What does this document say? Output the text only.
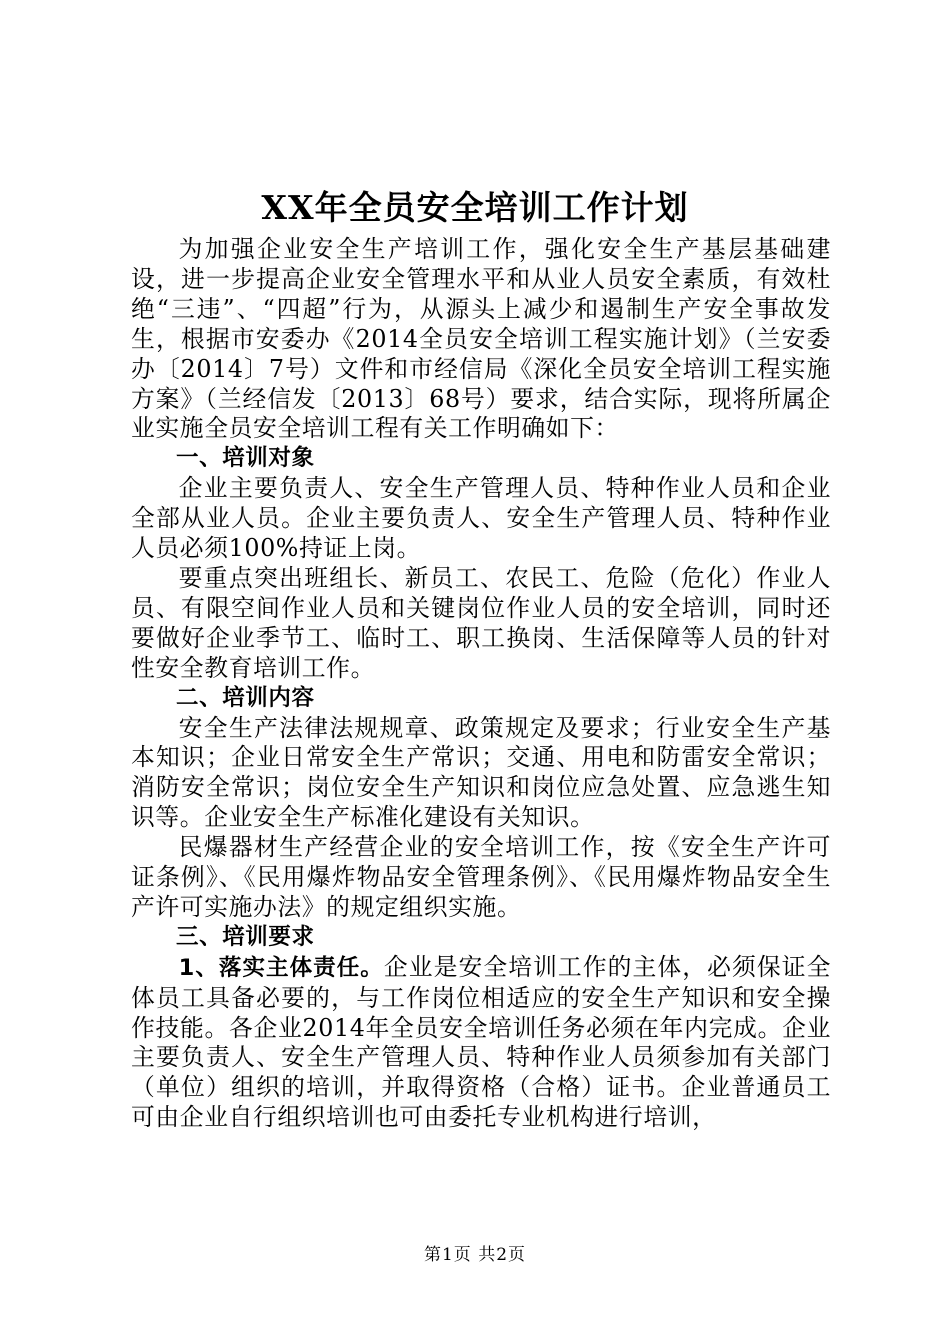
XX年全员安全培训工作计划

为加强企业安全生产培训工作，强化安全生产基层基础建设，进一步提高企业安全管理水平和从业人员安全素质，有效杜绝“三违”、“四超”行为，从源头上减少和遏制生产安全事故发生，根据市安委办《2014全员安全培训工程实施计划》（兰安委办〔2014〕7号）文件和市经信局《深化全员安全培训工程实施方案》（兰经信发〔2013〕68号）要求，结合实际，现将所属企业实施全员安全培训工程有关工作明确如下：

一、培训对象

企业主要负责人、安全生产管理人员、特种作业人员和企业全部从业人员。企业主要负责人、安全生产管理人员、特种作业人员必须100%持证上岗。

要重点突出班组长、新员工、农民工、危险（危化）作业人员、有限空间作业人员和关键岗位作业人员的安全培训，同时还要做好企业季节工、临时工、职工换岗、生活保障等人员的针对性安全教育培训工作。

二、培训内容

安全生产法律法规规章、政策规定及要求；行业安全生产基本知识；企业日常安全生产常识；交通、用电和防雷安全常识；消防安全常识；岗位安全生产知识和岗位应急处置、应急逃生知识等。企业安全生产标准化建设有关知识。

民爆器材生产经营企业的安全培训工作，按《安全生产许可证条例》、《民用爆炸物品安全管理条例》、《民用爆炸物品安全生产许可实施办法》的规定组织实施。

三、培训要求

1、落实主体责任。企业是安全培训工作的主体，必须保证全体员工具备必要的，与工作岗位相适应的安全生产知识和安全操作技能。各企业2014年全员安全培训任务必须在年内完成。企业主要负责人、安全生产管理人员、特种作业人员须参加有关部门（单位）组织的培训，并取得资格（合格）证书。企业普通员工可由企业自行组织培训也可由委托专业机构进行培训，

第1页 共2页
